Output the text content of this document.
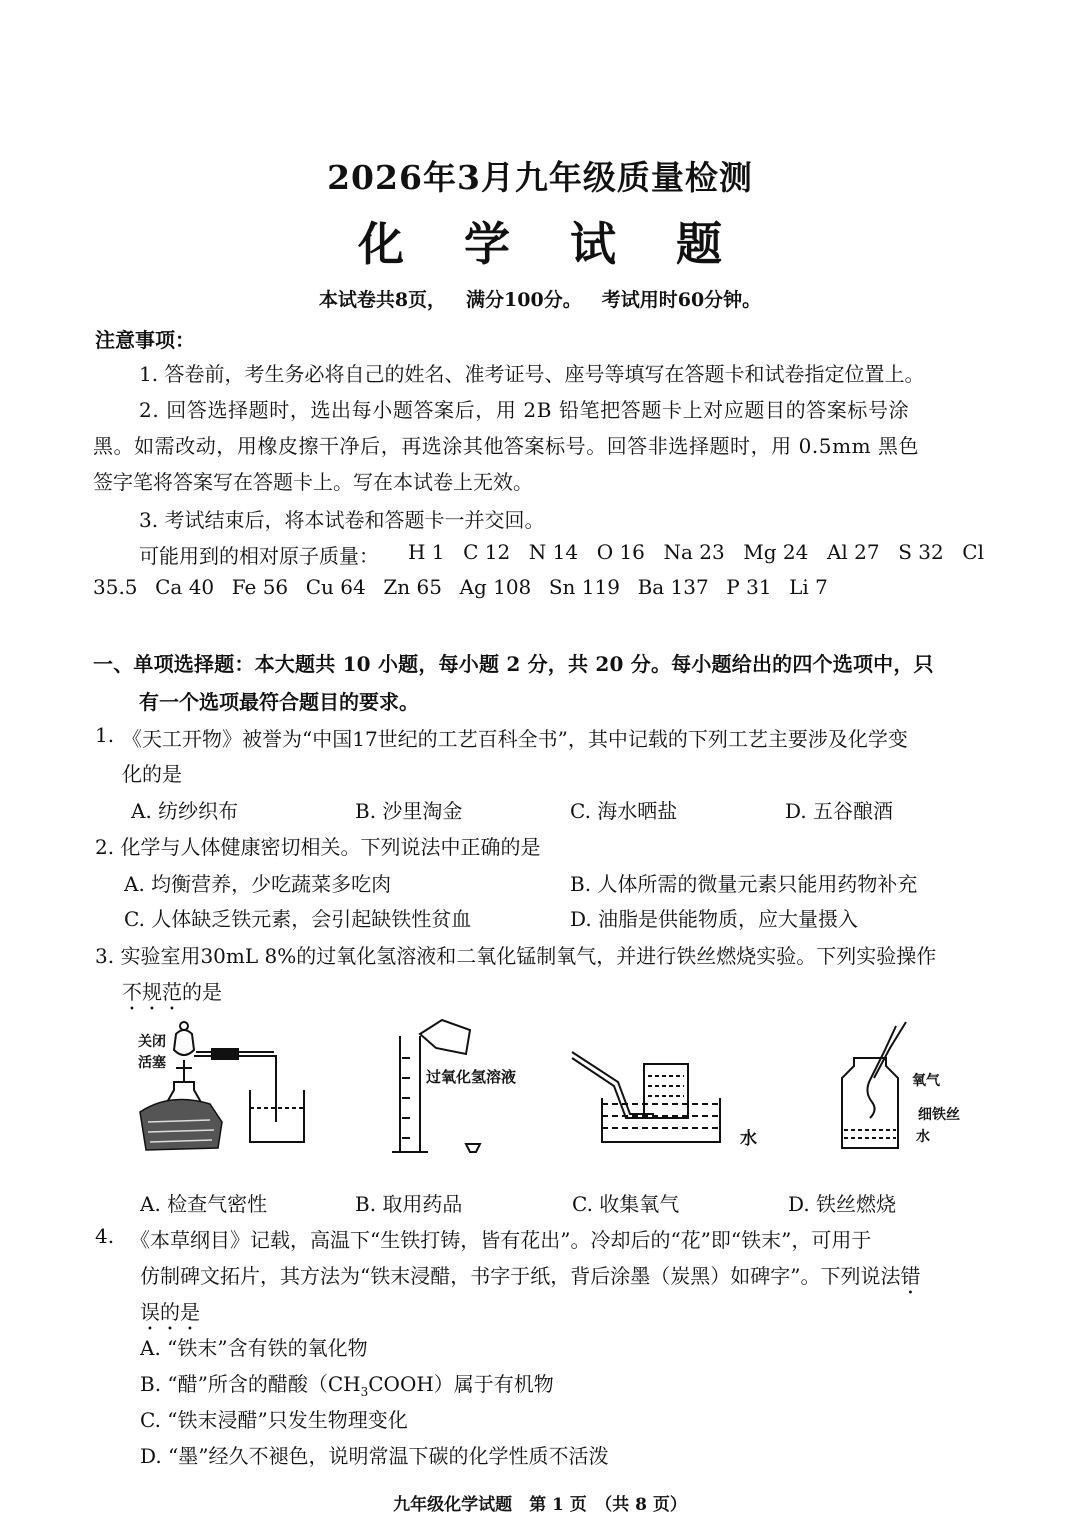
2026年3月九年级质量检测
化 学 试 题
本试卷共8页， 满分100分。 考试用时60分钟。
注意事项：
1. 答卷前，考生务必将自己的姓名、准考证号、座号等填写在答题卡和试卷指定位置上。
2. 回答选择题时，选出每小题答案后，用 2B 铅笔把答题卡上对应题目的答案标号涂
黑。如需改动，用橡皮擦干净后，再选涂其他答案标号。回答非选择题时，用 0.5mm 黑色
签字笔将答案写在答题卡上。写在本试卷上无效。
3. 考试结束后，将本试卷和答题卡一并交回。
可能用到的相对原子质量： H 1 C 12 N 14 O 16 Na 23 Mg 24 Al 27 S 32 Cl
35.5 Ca 40 Fe 56 Cu 64 Zn 65 Ag 108 Sn 119 Ba 137 P 31 Li 7
一、单项选择题：本大题共 10 小题，每小题 2 分，共 20 分。每小题给出的四个选项中，只
有一个选项最符合题目的要求。
1. 《天工开物》被誉为“中国17世纪的工艺百科全书”，其中记载的下列工艺主要涉及化学变
化的是
A. 纺纱织布	B. 沙里淘金	C. 海水晒盐	D. 五谷酿酒
2. 化学与人体健康密切相关。下列说法中正确的是
A. 均衡营养，少吃蔬菜多吃肉	B. 人体所需的微量元素只能用药物补充
C. 人体缺乏铁元素，会引起缺铁性贫血	D. 油脂是供能物质，应大量摄入
3. 实验室用30mL 8%的过氧化氢溶液和二氧化锰制氧气，并进行铁丝燃烧实验。下列实验操作
不规范的是
关闭
活塞
过氧化氢溶液
水
氧气
细铁丝
水
A. 检查气密性	B. 取用药品	C. 收集氧气	D. 铁丝燃烧
4. 《本草纲目》记载，高温下“生铁打铸，皆有花出”。冷却后的“花”即“铁末”，可用于
仿制碑文拓片，其方法为“铁末浸醋，书字于纸，背后涂墨（炭黑）如碑字”。下列说法错
误的是
A. “铁末”含有铁的氧化物
B. “醋”所含的醋酸$(CH_3COOH)$属于有机物
C. “铁末浸醋”只发生物理变化
D. “墨”经久不褪色，说明常温下碳的化学性质不活泼
九年级化学试题　第 1 页　（共 8 页）
